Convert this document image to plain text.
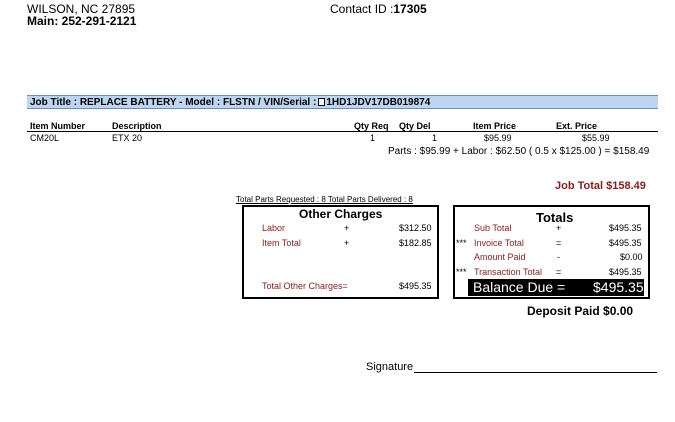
WILSON, NC 27895
Main: 252-291-2121
Contact ID :17305
Job Title : REPLACE BATTERY - Model : FLSTN / VIN/Serial : 1HD1JDV17DB019874
Item Number	Description	Qty Req Qty Del	Item Price	Ext. Price
CM20L	ETX 20	1	1	$95.99	$55.99
Parts : $95.99 + Labor : $62.50 ( 0.5 x $125.00 ) = $158.49
Job Total $158.49
Total Parts Requested : 8 Total Parts Delivered : 8
Other Charges
Labor	+	$312.50
Item Total	+	$182.85
Total Other Charges=	$495.35
Totals
Sub Total	+	$495.35
*** Invoice Total	=	$495.35
Amount Paid	-	$0.00
*** Transaction Total =	$495.35
Balance Due = $495.35
Deposit Paid $0.00
Signature
